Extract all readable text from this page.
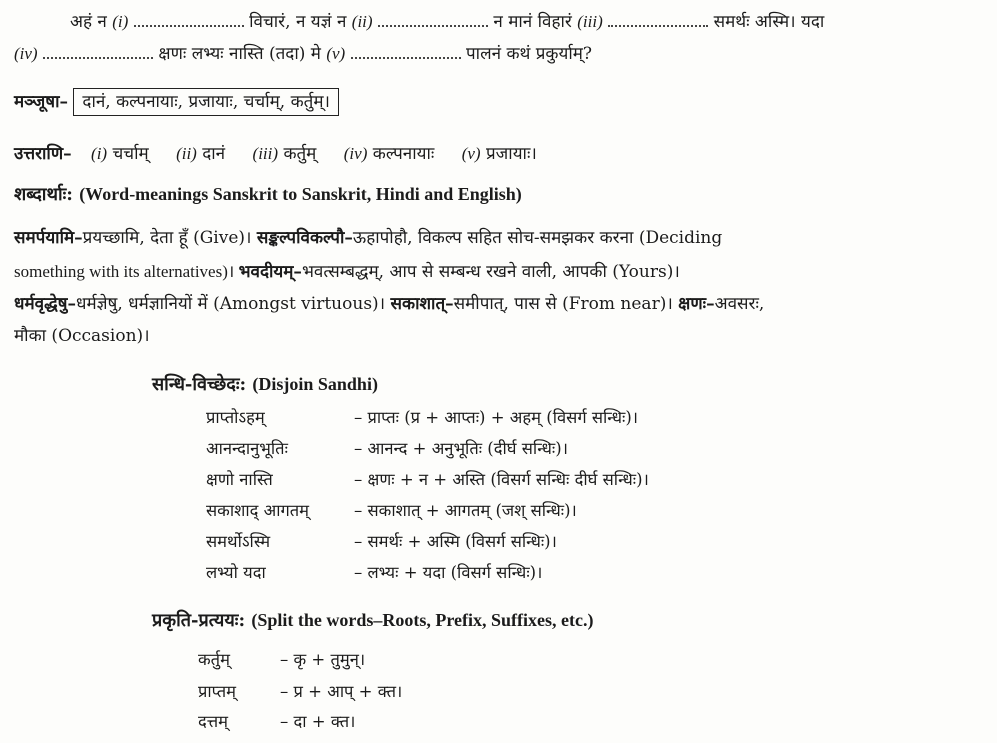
अहं न (i)	विचारं, न यज्ञं न (ii)	न मानं विहारं (iii)	समर्थः अस्मि। यदा
(iv)	क्षणः लभ्यः नास्ति (तदा) मे (v)	पालनं कथं प्रकुर्याम्?
मञ्जूषा– दानं, कल्पनायाः, प्रजायाः, चर्चाम्, कर्तुम्।
उत्तराणि– (i) चर्चाम् (ii) दानं (iii) कर्तुम् (iv) कल्पनायाः (v) प्रजायाः।
शब्दार्थाः: (Word-meanings Sanskrit to Sanskrit, Hindi and English)
समर्पयामि–प्रयच्छामि, देता हूँ (Give)। सङ्कल्पविकल्पौ–ऊहापोहौ, विकल्प सहित सोच-समझकर करना (Deciding
something with its alternatives)। भवदीयम्–भवत्सम्बद्धम्, आप से सम्बन्ध रखने वाली, आपकी (Yours)।
धर्मवृद्धेषु–धर्मज्ञेषु, धर्मज्ञानियों में (Amongst virtuous)। सकाशात्–समीपात्, पास से (From near)। क्षणः–अवसरः,
मौका (Occasion)।
सन्धि-विच्छेदः: (Disjoin Sandhi)
प्राप्तोऽहम्	– प्राप्तः (प्र + आप्तः) + अहम् (विसर्ग सन्धिः)।
आनन्दानुभूतिः	– आनन्द + अनुभूतिः (दीर्घ सन्धिः)।
क्षणो नास्ति	– क्षणः + न + अस्ति (विसर्ग सन्धिः दीर्घ सन्धिः)।
सकाशाद् आगतम्	– सकाशात् + आगतम् (जश् सन्धिः)।
समर्थोऽस्मि	– समर्थः + अस्मि (विसर्ग सन्धिः)।
लभ्यो यदा	– लभ्यः + यदा (विसर्ग सन्धिः)।
प्रकृति-प्रत्ययः: (Split the words–Roots, Prefix, Suffixes, etc.)
कर्तुम्	– कृ + तुमुन्।
प्राप्तम्	– प्र + आप् + क्त।
दत्तम्	– दा + क्त।
